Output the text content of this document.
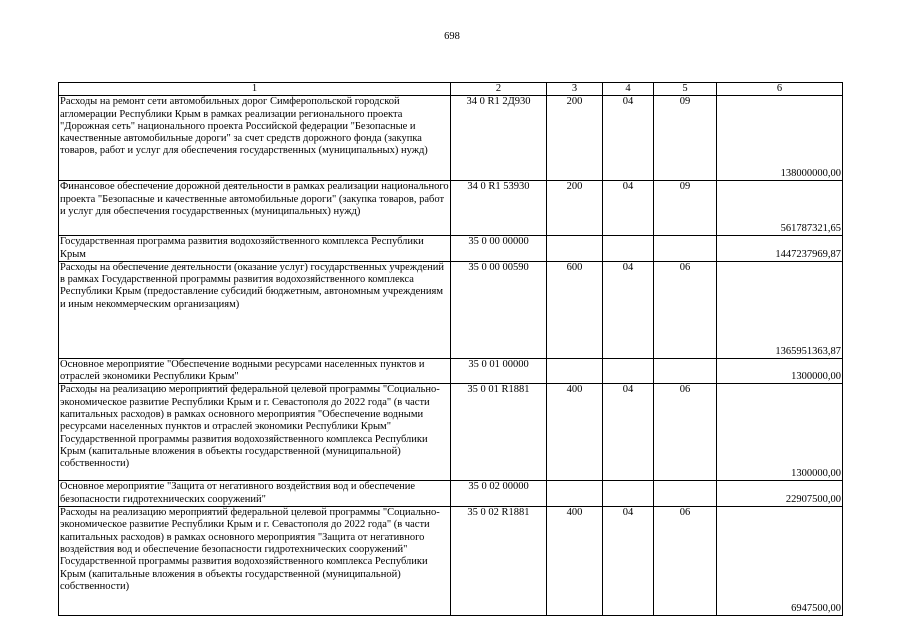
698
1	2	3	4	5	6
Расходы на ремонт сети автомобильных дорог Симферопольской городской агломерации Республики Крым в рамках реализации регионального проекта "Дорожная сеть" национального проекта Российской федерации "Безопасные и качественные автомобильные дороги" за счет средств дорожного фонда (закупка товаров, работ и услуг для обеспечения государственных (муниципальных) нужд)	34 0 R1 2Д930	200	04	09	138000000,00
Финансовое обеспечение дорожной деятельности в рамках реализации национального проекта "Безопасные и качественные автомобильные дороги" (закупка товаров, работ и услуг для обеспечения государственных (муниципальных) нужд)	34 0 R1 53930	200	04	09	561787321,65
Государственная программа развития водохозяйственного комплекса Республики Крым	35 0 00 00000				1447237969,87
Расходы на обеспечение деятельности (оказание услуг) государственных учреждений в рамках Государственной программы развития водохозяйственного комплекса Республики Крым (предоставление субсидий бюджетным, автономным учреждениям и иным некоммерческим организациям)	35 0 00 00590	600	04	06	1365951363,87
Основное мероприятие "Обеспечение водными ресурсами населенных пунктов и отраслей экономики Республики Крым"	35 0 01 00000				1300000,00
Расходы на реализацию мероприятий федеральной целевой программы "Социально-экономическое развитие Республики Крым и г. Севастополя до 2022 года" (в части капитальных расходов) в рамках основного мероприятия "Обеспечение водными ресурсами населенных пунктов и отраслей экономики Республики Крым" Государственной программы развития водохозяйственного комплекса Республики Крым (капитальные вложения в объекты государственной (муниципальной) собственности)	35 0 01 R1881	400	04	06	1300000,00
Основное мероприятие "Защита от негативного воздействия вод и обеспечение безопасности гидротехнических сооружений"	35 0 02 00000				22907500,00
Расходы на реализацию мероприятий федеральной целевой программы "Социально-экономическое развитие Республики Крым и г. Севастополя до 2022 года" (в части капитальных расходов) в рамках основного мероприятия "Защита от негативного воздействия вод и обеспечение безопасности гидротехнических сооружений" Государственной программы развития водохозяйственного комплекса Республики Крым (капитальные вложения в объекты государственной (муниципальной) собственности)	35 0 02 R1881	400	04	06	6947500,00
